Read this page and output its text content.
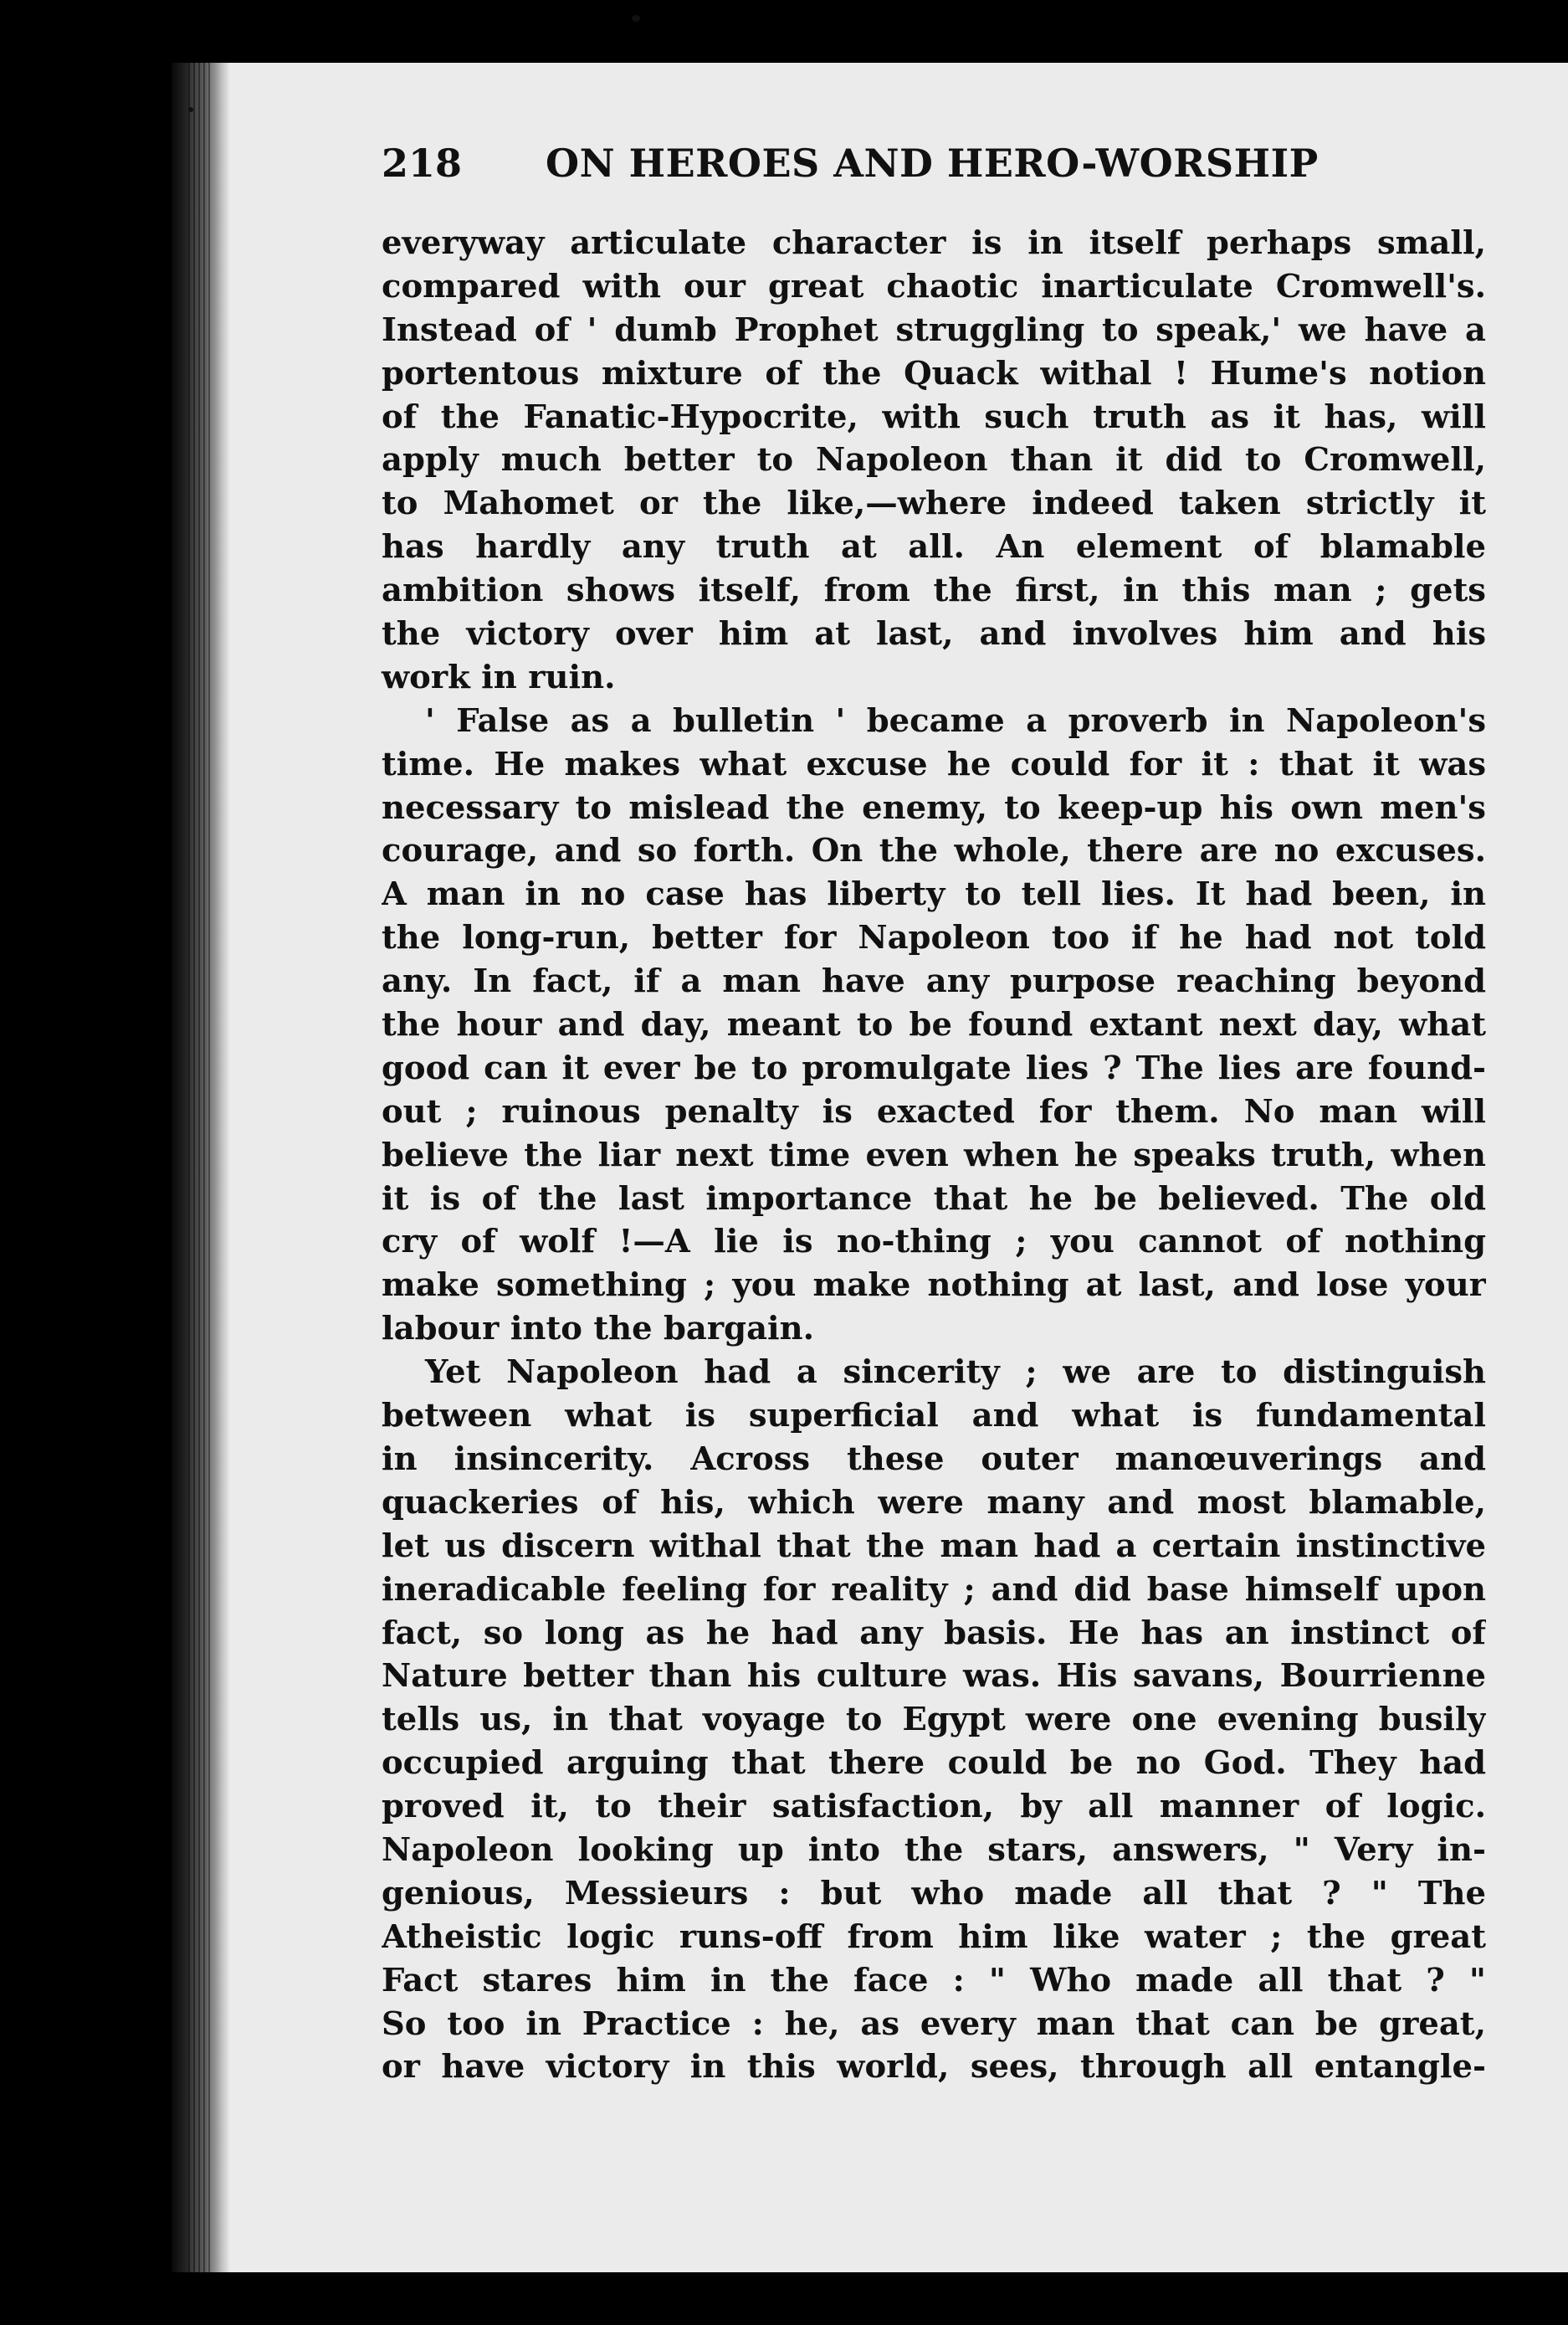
218 ON HEROES AND HERO-WORSHIP
everyway articulate character is in itself perhaps small,
compared with our great chaotic inarticulate Cromwell's.
Instead of ' dumb Prophet struggling to speak,' we have a
portentous mixture of the Quack withal ! Hume's notion
of the Fanatic-Hypocrite, with such truth as it has, will
apply much better to Napoleon than it did to Cromwell,
to Mahomet or the like,—where indeed taken strictly it
has hardly any truth at all. An element of blamable
ambition shows itself, from the first, in this man ; gets
the victory over him at last, and involves him and his
work in ruin.
' False as a bulletin ' became a proverb in Napoleon's
time. He makes what excuse he could for it : that it was
necessary to mislead the enemy, to keep-up his own men's
courage, and so forth. On the whole, there are no excuses.
A man in no case has liberty to tell lies. It had been, in
the long-run, better for Napoleon too if he had not told
any. In fact, if a man have any purpose reaching beyond
the hour and day, meant to be found extant next day, what
good can it ever be to promulgate lies ? The lies are found-
out ; ruinous penalty is exacted for them. No man will
believe the liar next time even when he speaks truth, when
it is of the last importance that he be believed. The old
cry of wolf !—A lie is no-thing ; you cannot of nothing
make something ; you make nothing at last, and lose your
labour into the bargain.
Yet Napoleon had a sincerity ; we are to distinguish
between what is superficial and what is fundamental
in insincerity. Across these outer manœuverings and
quackeries of his, which were many and most blamable,
let us discern withal that the man had a certain instinctive
ineradicable feeling for reality ; and did base himself upon
fact, so long as he had any basis. He has an instinct of
Nature better than his culture was. His savans, Bourrienne
tells us, in that voyage to Egypt were one evening busily
occupied arguing that there could be no God. They had
proved it, to their satisfaction, by all manner of logic.
Napoleon looking up into the stars, answers, " Very in-
genious, Messieurs : but who made all that ? " The
Atheistic logic runs-off from him like water ; the great
Fact stares him in the face : " Who made all that ? "
So too in Practice : he, as every man that can be great,
or have victory in this world, sees, through all entangle-
